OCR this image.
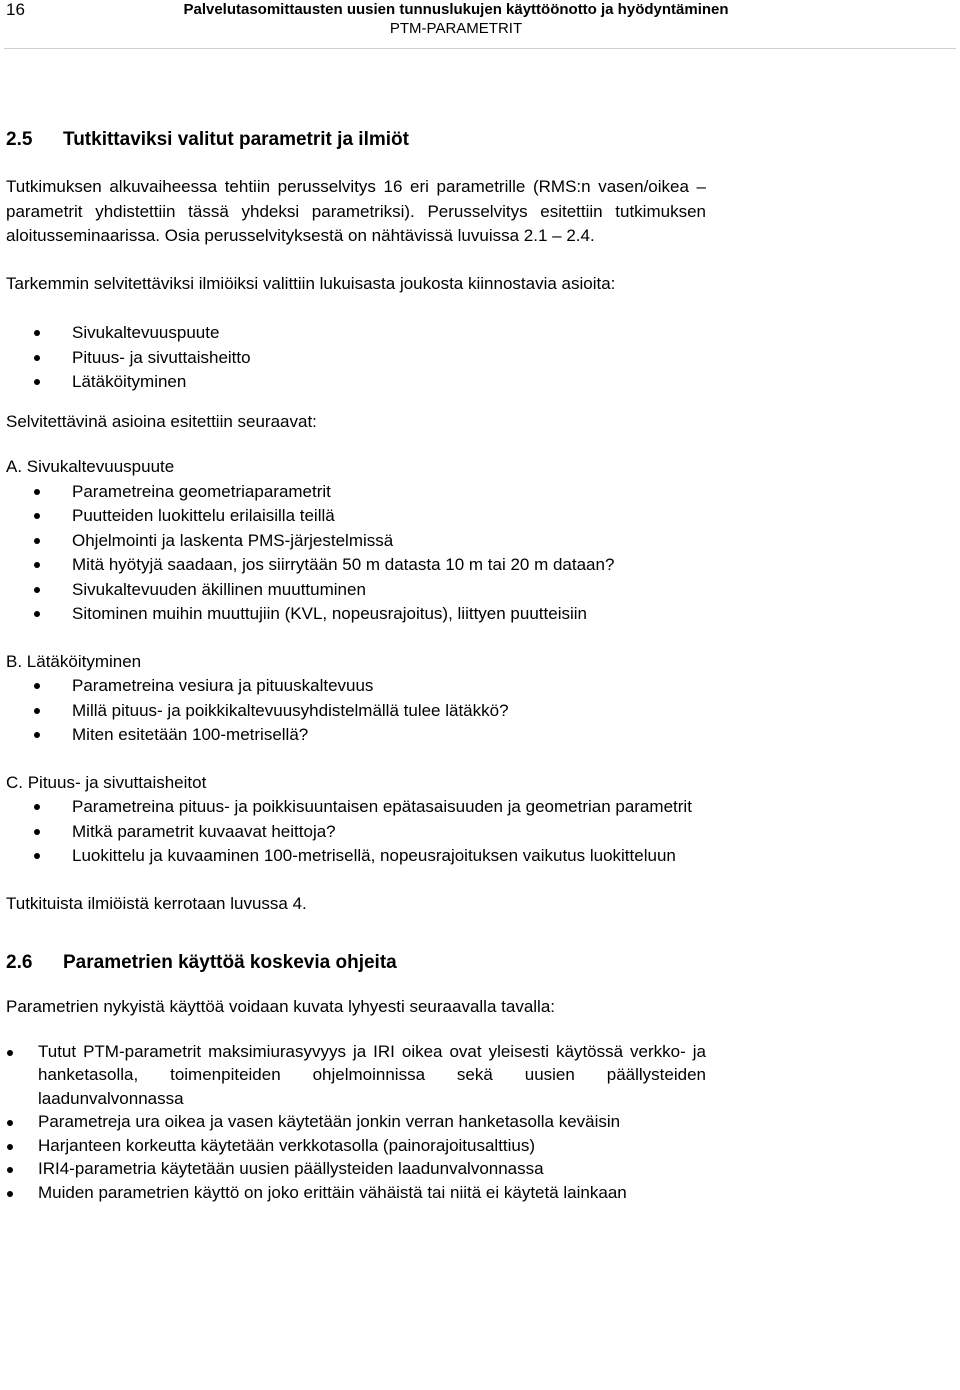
16	Palvelutasomittausten uusien tunnuslukujen käyttöönotto ja hyödyntäminen
PTM-PARAMETRIT
2.5 Tutkittaviksi valitut parametrit ja ilmiöt

Tutkimuksen alkuvaiheessa tehtiin perusselvitys 16 eri parametrille (RMS:n vasen/oikea –parametrit yhdistettiin tässä yhdeksi parametriksi). Perusselvitys esitettiin tutkimuksen aloitusseminaarissa. Osia perusselvityksestä on nähtävissä luvuissa 2.1 – 2.4.

Tarkemmin selvitettäviksi ilmiöiksi valittiin lukuisasta joukosta kiinnostavia asioita:

Sivukaltevuuspuute
Pituus- ja sivuttaisheitto
Lätäköityminen

Selvitettävinä asioina esitettiin seuraavat:

A. Sivukaltevuuspuute

Parametreina geometriaparametrit
Puutteiden luokittelu erilaisilla teillä
Ohjelmointi ja laskenta PMS-järjestelmissä
Mitä hyötyjä saadaan, jos siirrytään 50 m datasta 10 m tai 20 m dataan?
Sivukaltevuuden äkillinen muuttuminen
Sitominen muihin muuttujiin (KVL, nopeusrajoitus), liittyen puutteisiin

B. Lätäköityminen

Parametreina vesiura ja pituuskaltevuus
Millä pituus- ja poikkikaltevuusyhdistelmällä tulee lätäkkö?
Miten esitetään 100-metrisellä?

C. Pituus- ja sivuttaisheitot

Parametreina pituus- ja poikkisuuntaisen epätasaisuuden ja geometrian parametrit
Mitkä parametrit kuvaavat heittoja?
Luokittelu ja kuvaaminen 100-metrisellä, nopeusrajoituksen vaikutus luokitteluun

Tutkituista ilmiöistä kerrotaan luvussa 4.

2.6 Parametrien käyttöä koskevia ohjeita

Parametrien nykyistä käyttöä voidaan kuvata lyhyesti seuraavalla tavalla:

Tutut PTM-parametrit maksimiurasyvyys ja IRI oikea ovat yleisesti käytössä verkko- ja hanketasolla, toimenpiteiden ohjelmoinnissa sekä uusien päällysteiden laadunvalvonnassa
Parametreja ura oikea ja vasen käytetään jonkin verran hanketasolla keväisin
Harjanteen korkeutta käytetään verkkotasolla (painorajoitusalttius)
IRI4-parametria käytetään uusien päällysteiden laadunvalvonnassa
Muiden parametrien käyttö on joko erittäin vähäistä tai niitä ei käytetä lainkaan
